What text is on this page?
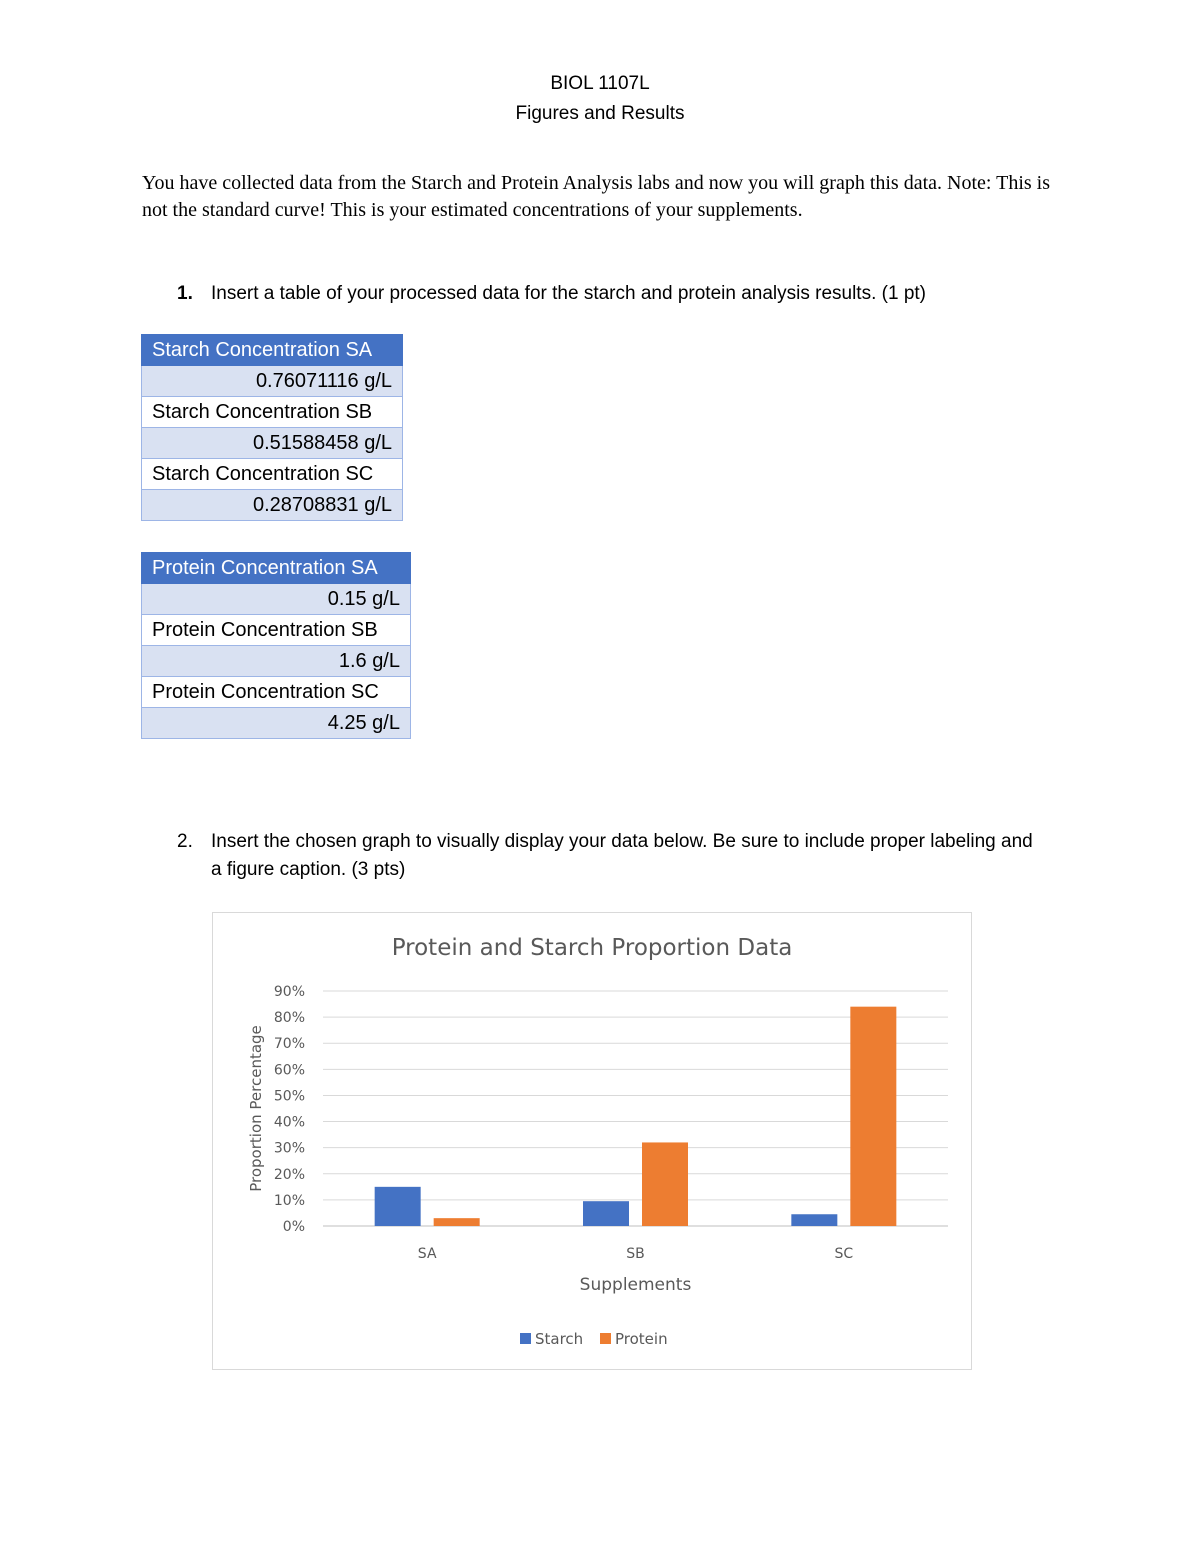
BIOL 1107L
Figures and Results
You have collected data from the Starch and Protein Analysis labs and now you will graph this data. Note: This is not the standard curve! This is your estimated concentrations of your supplements.
1. Insert a table of your processed data for the starch and protein analysis results. (1 pt)
Starch Concentration SA
0.76071116 g/L
Starch Concentration SB
0.51588458 g/L
Starch Concentration SC
0.28708831 g/L
Protein Concentration SA
0.15 g/L
Protein Concentration SB
1.6 g/L
Protein Concentration SC
4.25 g/L
2. Insert the chosen graph to visually display your data below. Be sure to include proper labeling and a figure caption. (3 pts)
Protein and Starch Proportion Data
0%
10%
20%
30%
40%
50%
60%
70%
80%
90%
Proportion Percentage
SA	SB	SC
Supplements
Starch Protein
